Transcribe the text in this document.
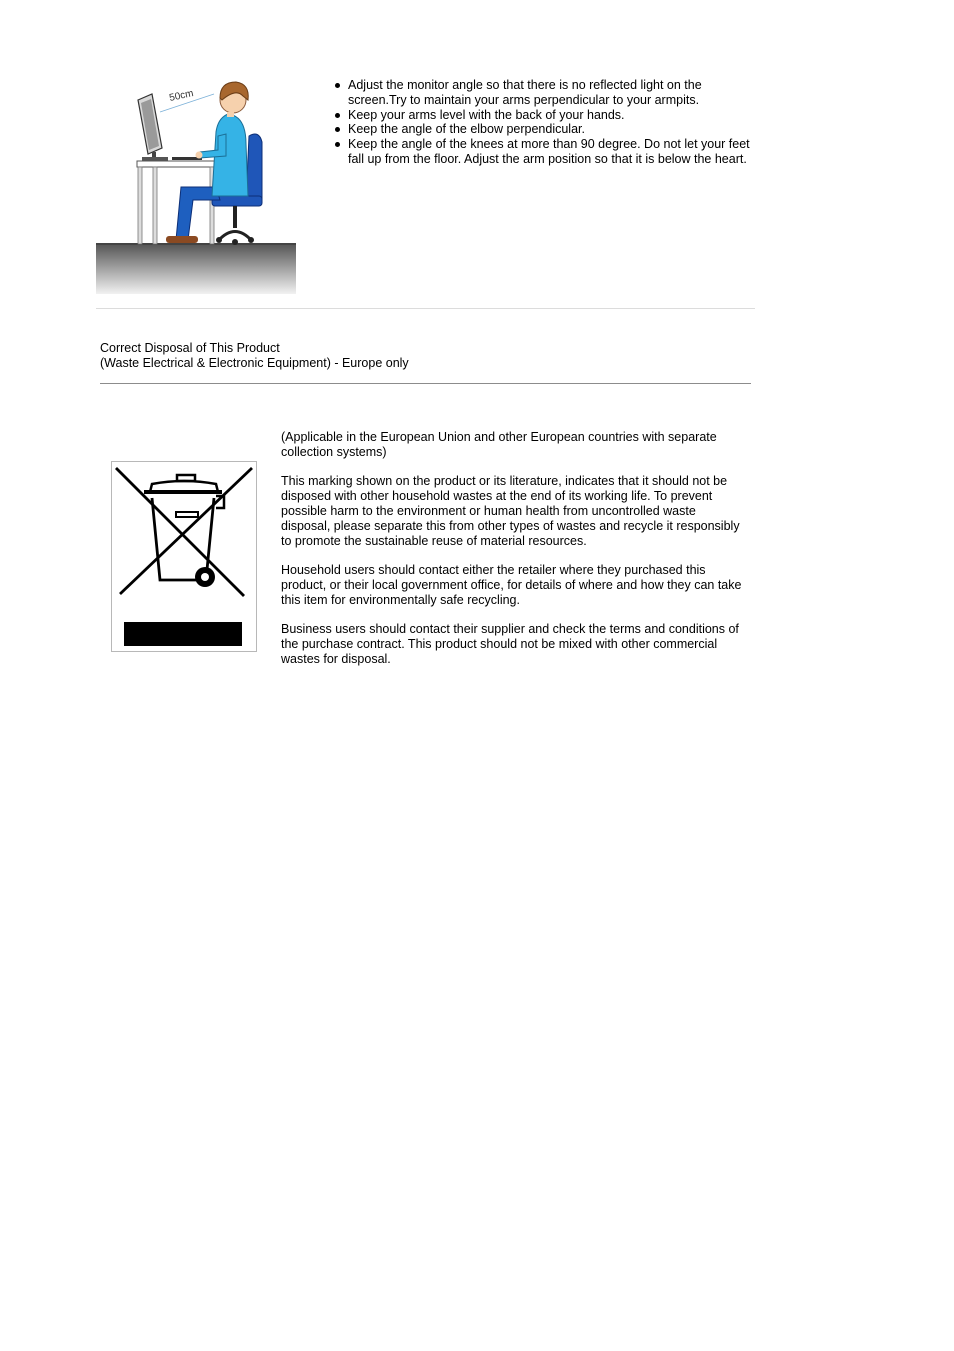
50cm
Adjust the monitor angle so that there is no reflected light on the screen.Try to maintain your arms perpendicular to your armpits.
Keep your arms level with the back of your hands.
Keep the angle of the elbow perpendicular.
Keep the angle of the knees at more than 90 degree. Do not let your feet fall up from the floor. Adjust the arm position so that it is below the heart.
Correct Disposal of This Product
(Waste Electrical & Electronic Equipment) - Europe only

(Applicable in the European Union and other European countries with separate collection systems)

This marking shown on the product or its literature, indicates that it should not be disposed with other household wastes at the end of its working life. To prevent possible harm to the environment or human health from uncontrolled waste disposal, please separate this from other types of wastes and recycle it responsibly to promote the sustainable reuse of material resources.

Household users should contact either the retailer where they purchased this product, or their local government office, for details of where and how they can take this item for environmentally safe recycling.

Business users should contact their supplier and check the terms and conditions of the purchase contract. This product should not be mixed with other commercial wastes for disposal.
